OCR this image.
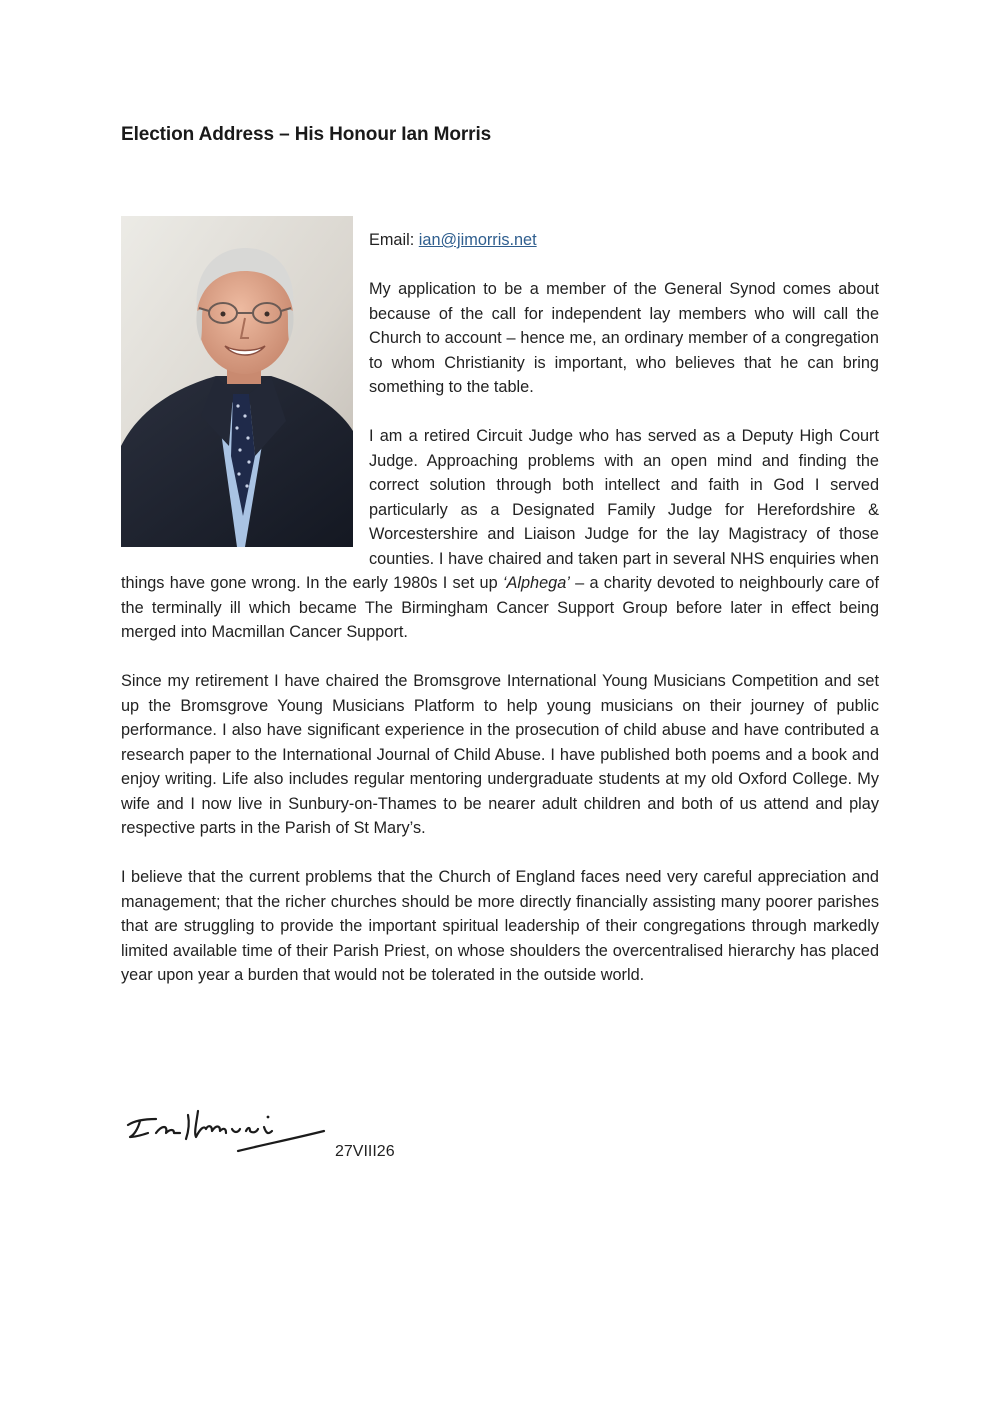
Election Address – His Honour Ian Morris

Email: ian@jimorris.net

My application to be a member of the General Synod comes about because of the call for independent lay members who will call the Church to account – hence me, an ordinary member of a congregation to whom Christianity is important, who believes that he can bring something to the table.

I am a retired Circuit Judge who has served as a Deputy High Court Judge. Approaching problems with an open mind and finding the correct solution through both intellect and faith in God I served particularly as a Designated Family Judge for Herefordshire & Worcestershire and Liaison Judge for the lay Magistracy of those counties. I have chaired and taken part in several NHS enquiries when things have gone wrong. In the early 1980s I set up ‘Alphega’ – a charity devoted to neighbourly care of the terminally ill which became The Birmingham Cancer Support Group before later in effect being merged into Macmillan Cancer Support.

Since my retirement I have chaired the Bromsgrove International Young Musicians Competition and set up the Bromsgrove Young Musicians Platform to help young musicians on their journey of public performance. I also have significant experience in the prosecution of child abuse and have contributed a research paper to the International Journal of Child Abuse. I have published both poems and a book and enjoy writing. Life also includes regular mentoring undergraduate students at my old Oxford College. My wife and I now live in Sunbury-on-Thames to be nearer adult children and both of us attend and play respective parts in the Parish of St Mary’s.

I believe that the current problems that the Church of England faces need very careful appreciation and management; that the richer churches should be more directly financially assisting many poorer parishes that are struggling to provide the important spiritual leadership of their congregations through markedly limited available time of their Parish Priest, on whose shoulders the overcentralised hierarchy has placed year upon year a burden that would not be tolerated in the outside world.

27VIII26
